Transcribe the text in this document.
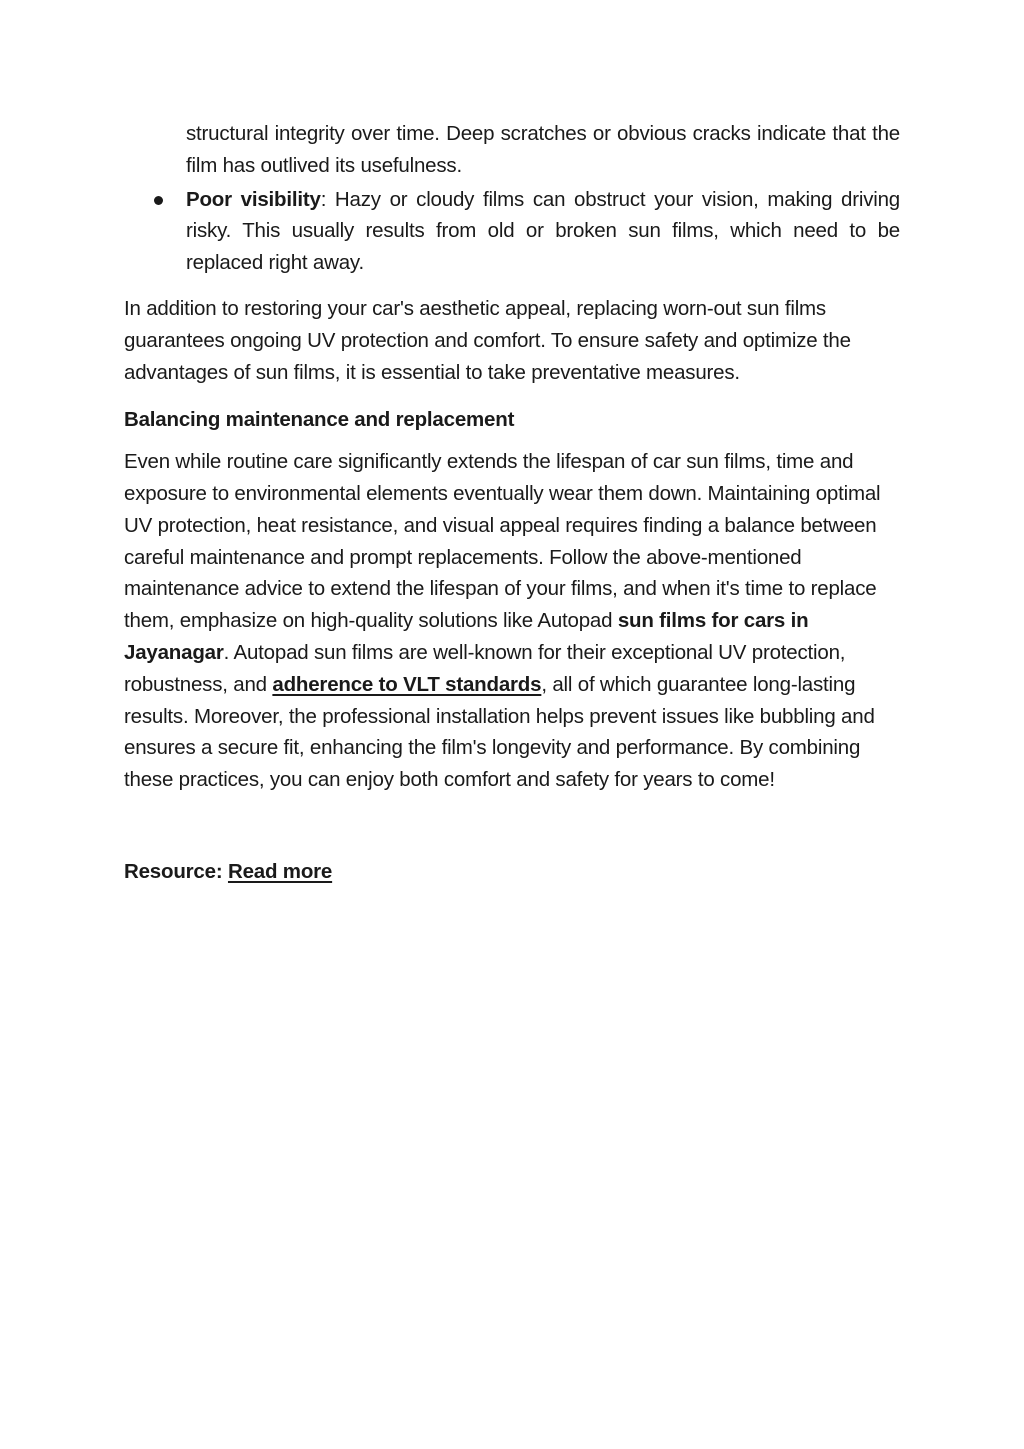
structural integrity over time. Deep scratches or obvious cracks indicate that the film has outlived its usefulness.

Poor visibility: Hazy or cloudy films can obstruct your vision, making driving risky. This usually results from old or broken sun films, which need to be replaced right away.

In addition to restoring your car's aesthetic appeal, replacing worn-out sun films guarantees ongoing UV protection and comfort. To ensure safety and optimize the advantages of sun films, it is essential to take preventative measures.

Balancing maintenance and replacement

Even while routine care significantly extends the lifespan of car sun films, time and exposure to environmental elements eventually wear them down. Maintaining optimal UV protection, heat resistance, and visual appeal requires finding a balance between careful maintenance and prompt replacements. Follow the above-mentioned maintenance advice to extend the lifespan of your films, and when it's time to replace them, emphasize on high-quality solutions like Autopad sun films for cars in Jayanagar. Autopad sun films are well-known for their exceptional UV protection, robustness, and adherence to VLT standards, all of which guarantee long-lasting results. Moreover, the professional installation helps prevent issues like bubbling and ensures a secure fit, enhancing the film's longevity and performance. By combining these practices, you can enjoy both comfort and safety for years to come!

Resource: Read more
